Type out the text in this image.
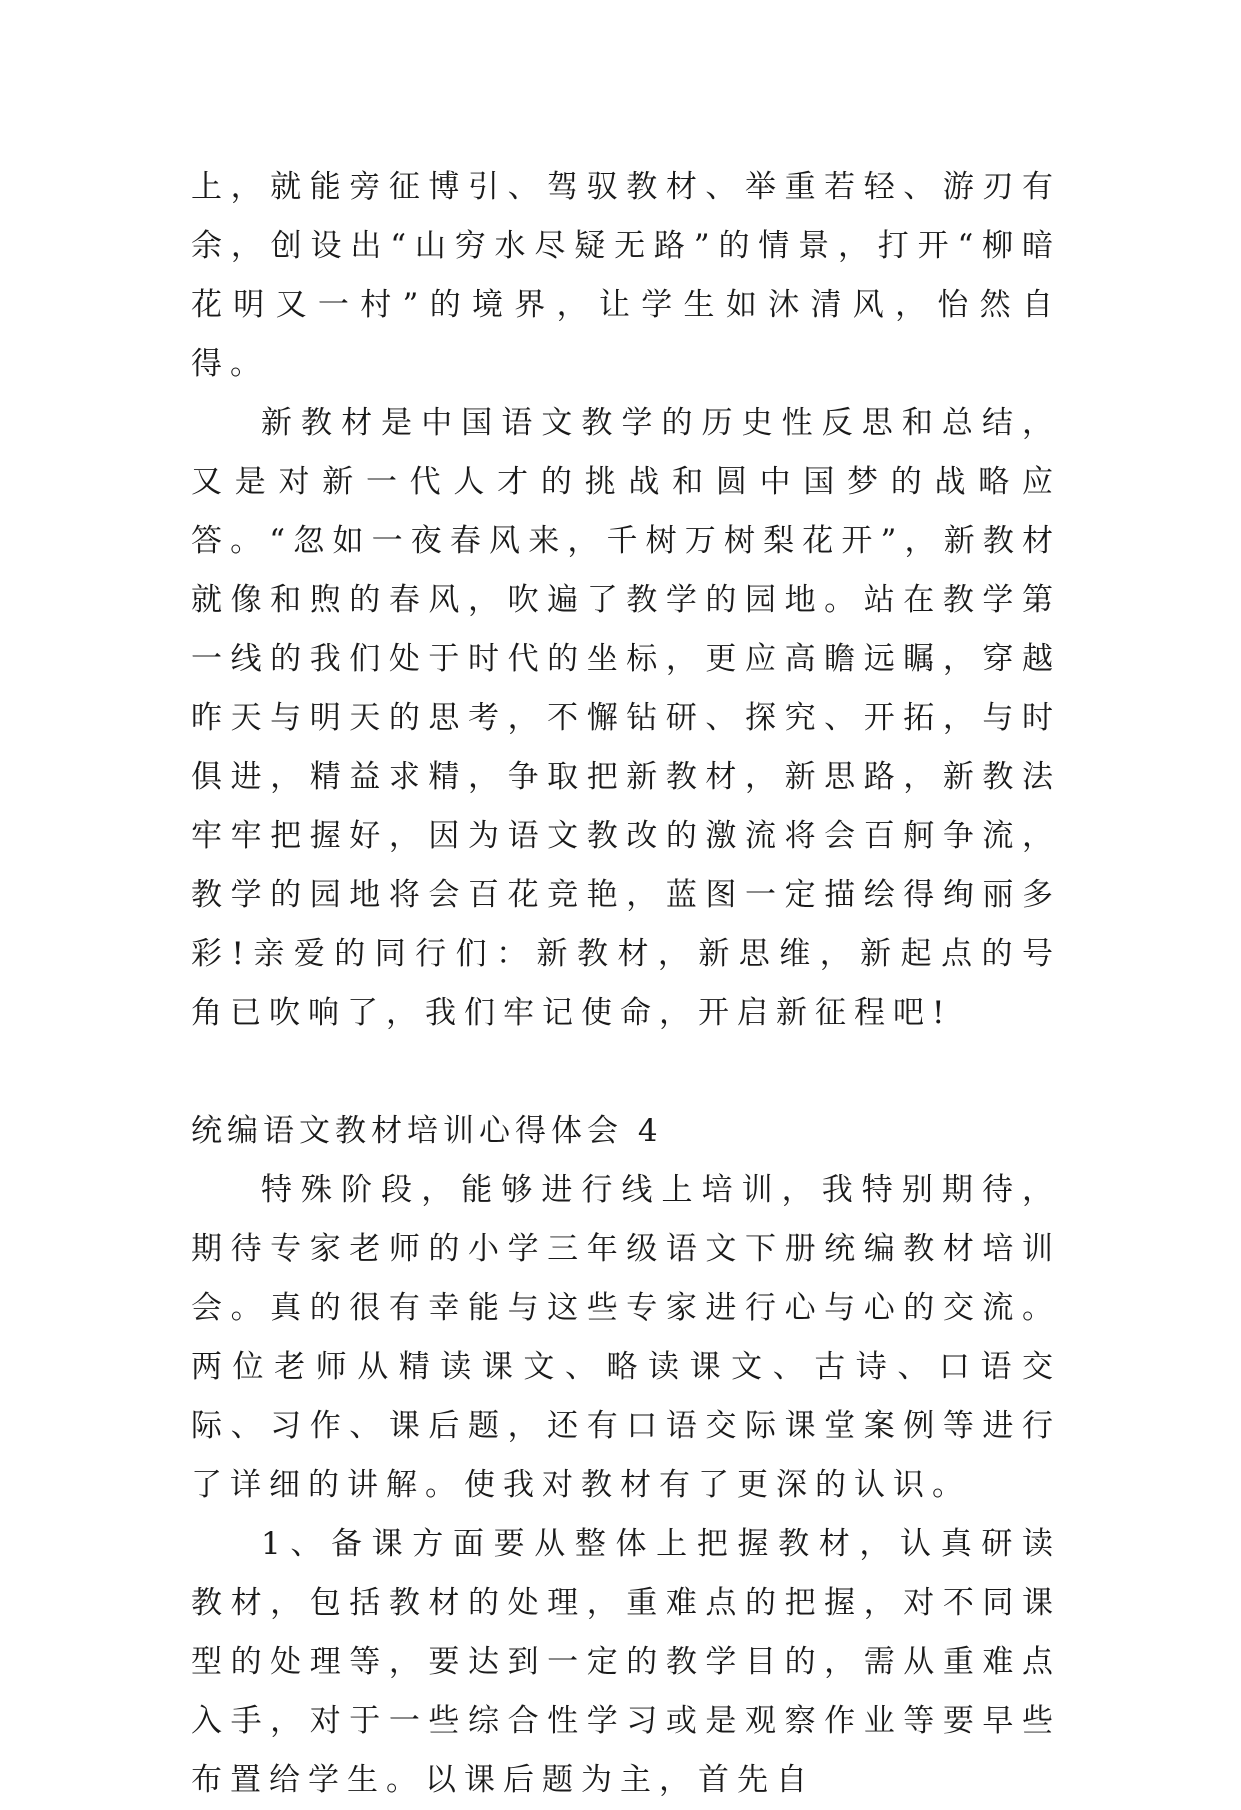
上，就能旁征博引、驾驭教材、举重若轻、游刃有余，创设出“山穷水尽疑无路”的情景，打开“柳暗花明又一村”的境界，让学生如沐清风，怡然自得。

新教材是中国语文教学的历史性反思和总结，又是对新一代人才的挑战和圆中国梦的战略应答。“忽如一夜春风来，千树万树梨花开”，新教材就像和煦的春风，吹遍了教学的园地。站在教学第一线的我们处于时代的坐标，更应高瞻远瞩，穿越昨天与明天的思考，不懈钻研、探究、开拓，与时俱进，精益求精，争取把新教材，新思路，新教法牢牢把握好，因为语文教改的激流将会百舸争流，教学的园地将会百花竞艳，蓝图一定描绘得绚丽多彩!亲爱的同行们：新教材，新思维，新起点的号角已吹响了，我们牢记使命，开启新征程吧!

统编语文教材培训心得体会 4

特殊阶段，能够进行线上培训，我特别期待，期待专家老师的小学三年级语文下册统编教材培训会。真的很有幸能与这些专家进行心与心的交流。两位老师从精读课文、略读课文、古诗、口语交际、习作、课后题，还有口语交际课堂案例等进行了详细的讲解。使我对教材有了更深的认识。

1、备课方面要从整体上把握教材，认真研读教材，包括教材的处理，重难点的把握，对不同课型的处理等，要达到一定的教学目的，需从重难点入手，对于一些综合性学习或是观察作业等要早些布置给学生。以课后题为主，首先自
